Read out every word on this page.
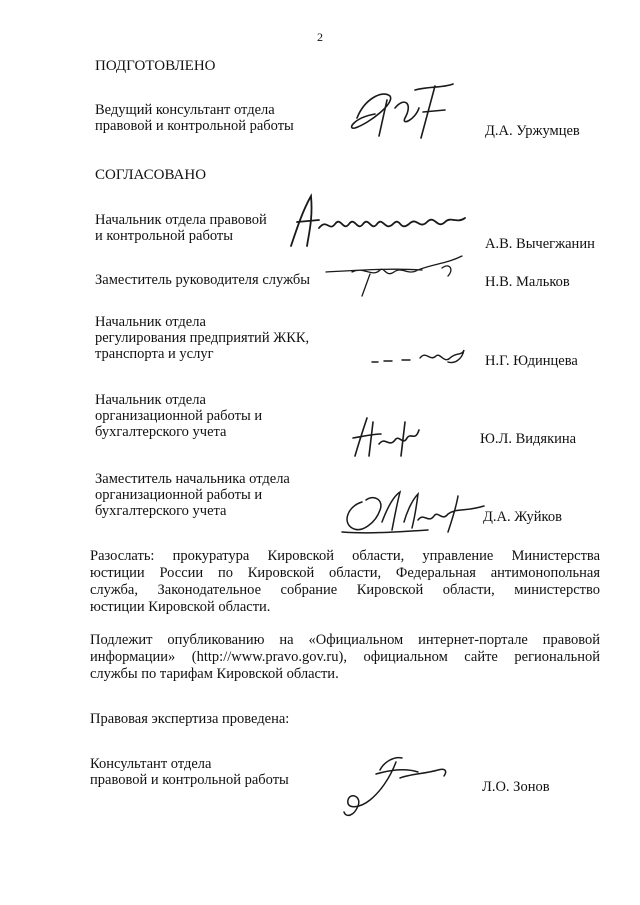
2
ПОДГОТОВЛЕНО
Ведущий консультант отдела
правовой и контрольной работы	Д.А. Уржумцев
СОГЛАСОВАНО
Начальник отдела правовой
и контрольной работы	А.В. Вычегжанин
Заместитель руководителя службы	Н.В. Мальков
Начальник отдела
регулирования предприятий ЖКК,
транспорта и услуг	Н.Г. Юдинцева
Начальник отдела
организационной работы и
бухгалтерского учета	Ю.Л. Видякина
Заместитель начальника отдела
организационной работы и
бухгалтерского учета	Д.А. Жуйков
Разослать: прокуратура Кировской области, управление Министерства
юстиции России по Кировской области, Федеральная антимонопольная
служба, Законодательное собрание Кировской области, министерство
юстиции Кировской области.
Подлежит опубликованию на «Официальном интернет-портале правовой
информации» (http://www.pravo.gov.ru), официальном сайте региональной
службы по тарифам Кировской области.
Правовая экспертиза проведена:
Консультант отдела
правовой и контрольной работы	Л.О. Зонов
